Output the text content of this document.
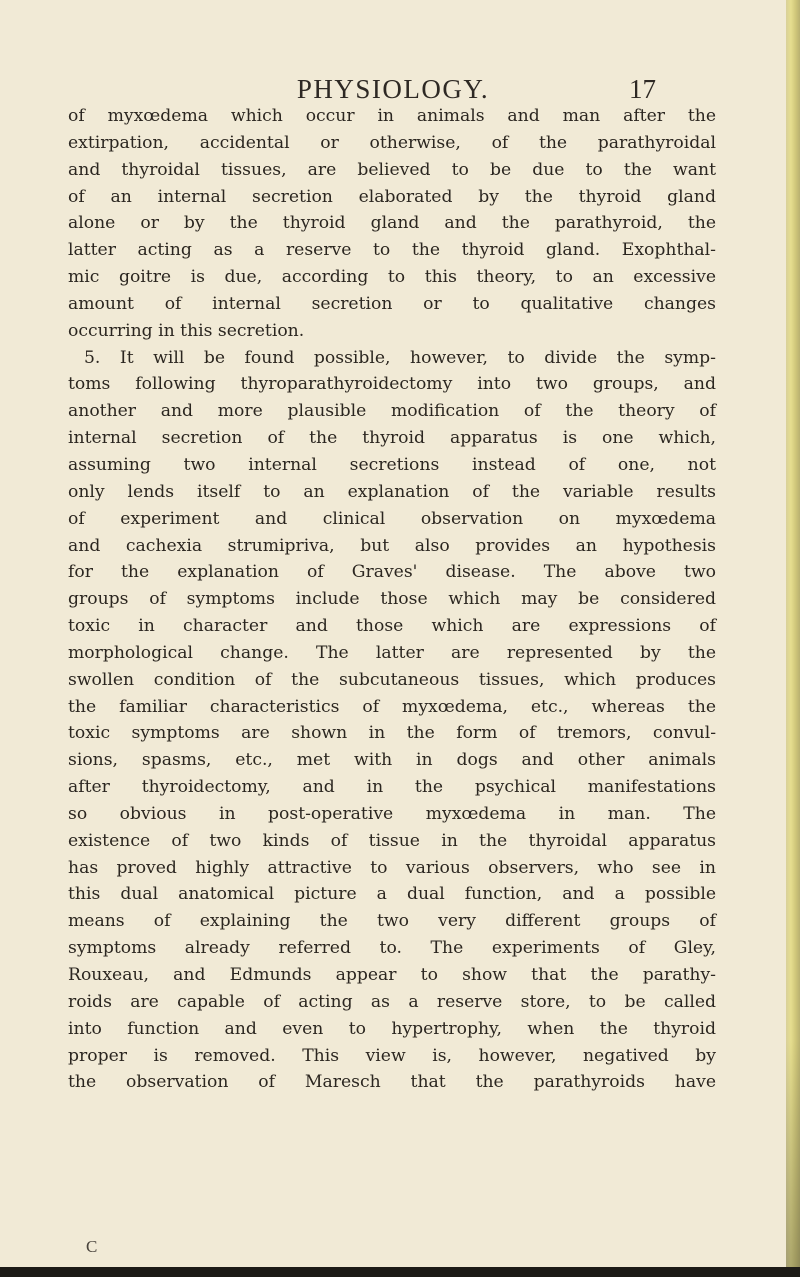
PHYSIOLOGY.	17

of myxœdema which occur in animals and man after the

extirpation, accidental or otherwise, of the parathyroidal

and thyroidal tissues, are believed to be due to the want

of an internal secretion elaborated by the thyroid gland

alone or by the thyroid gland and the parathyroid, the

latter acting as a reserve to the thyroid gland. Exophthal-

mic goitre is due, according to this theory, to an excessive

amount of internal secretion or to qualitative changes

occurring in this secretion.

5. It will be found possible, however, to divide the symp-

toms following thyroparathyroidectomy into two groups, and

another and more plausible modification of the theory of

internal secretion of the thyroid apparatus is one which,

assuming two internal secretions instead of one, not

only lends itself to an explanation of the variable results

of experiment and clinical observation on myxœdema

and cachexia strumipriva, but also provides an hypothesis

for the explanation of Graves' disease. The above two

groups of symptoms include those which may be considered

toxic in character and those which are expressions of

morphological change. The latter are represented by the

swollen condition of the subcutaneous tissues, which produces

the familiar characteristics of myxœdema, etc., whereas the

toxic symptoms are shown in the form of tremors, convul-

sions, spasms, etc., met with in dogs and other animals

after thyroidectomy, and in the psychical manifestations

so obvious in post-operative myxœdema in man. The

existence of two kinds of tissue in the thyroidal apparatus

has proved highly attractive to various observers, who see in

this dual anatomical picture a dual function, and a possible

means of explaining the two very different groups of

symptoms already referred to. The experiments of Gley,

Rouxeau, and Edmunds appear to show that the parathy-

roids are capable of acting as a reserve store, to be called

into function and even to hypertrophy, when the thyroid

proper is removed. This view is, however, negatived by

the observation of Maresch that the parathyroids have

C
